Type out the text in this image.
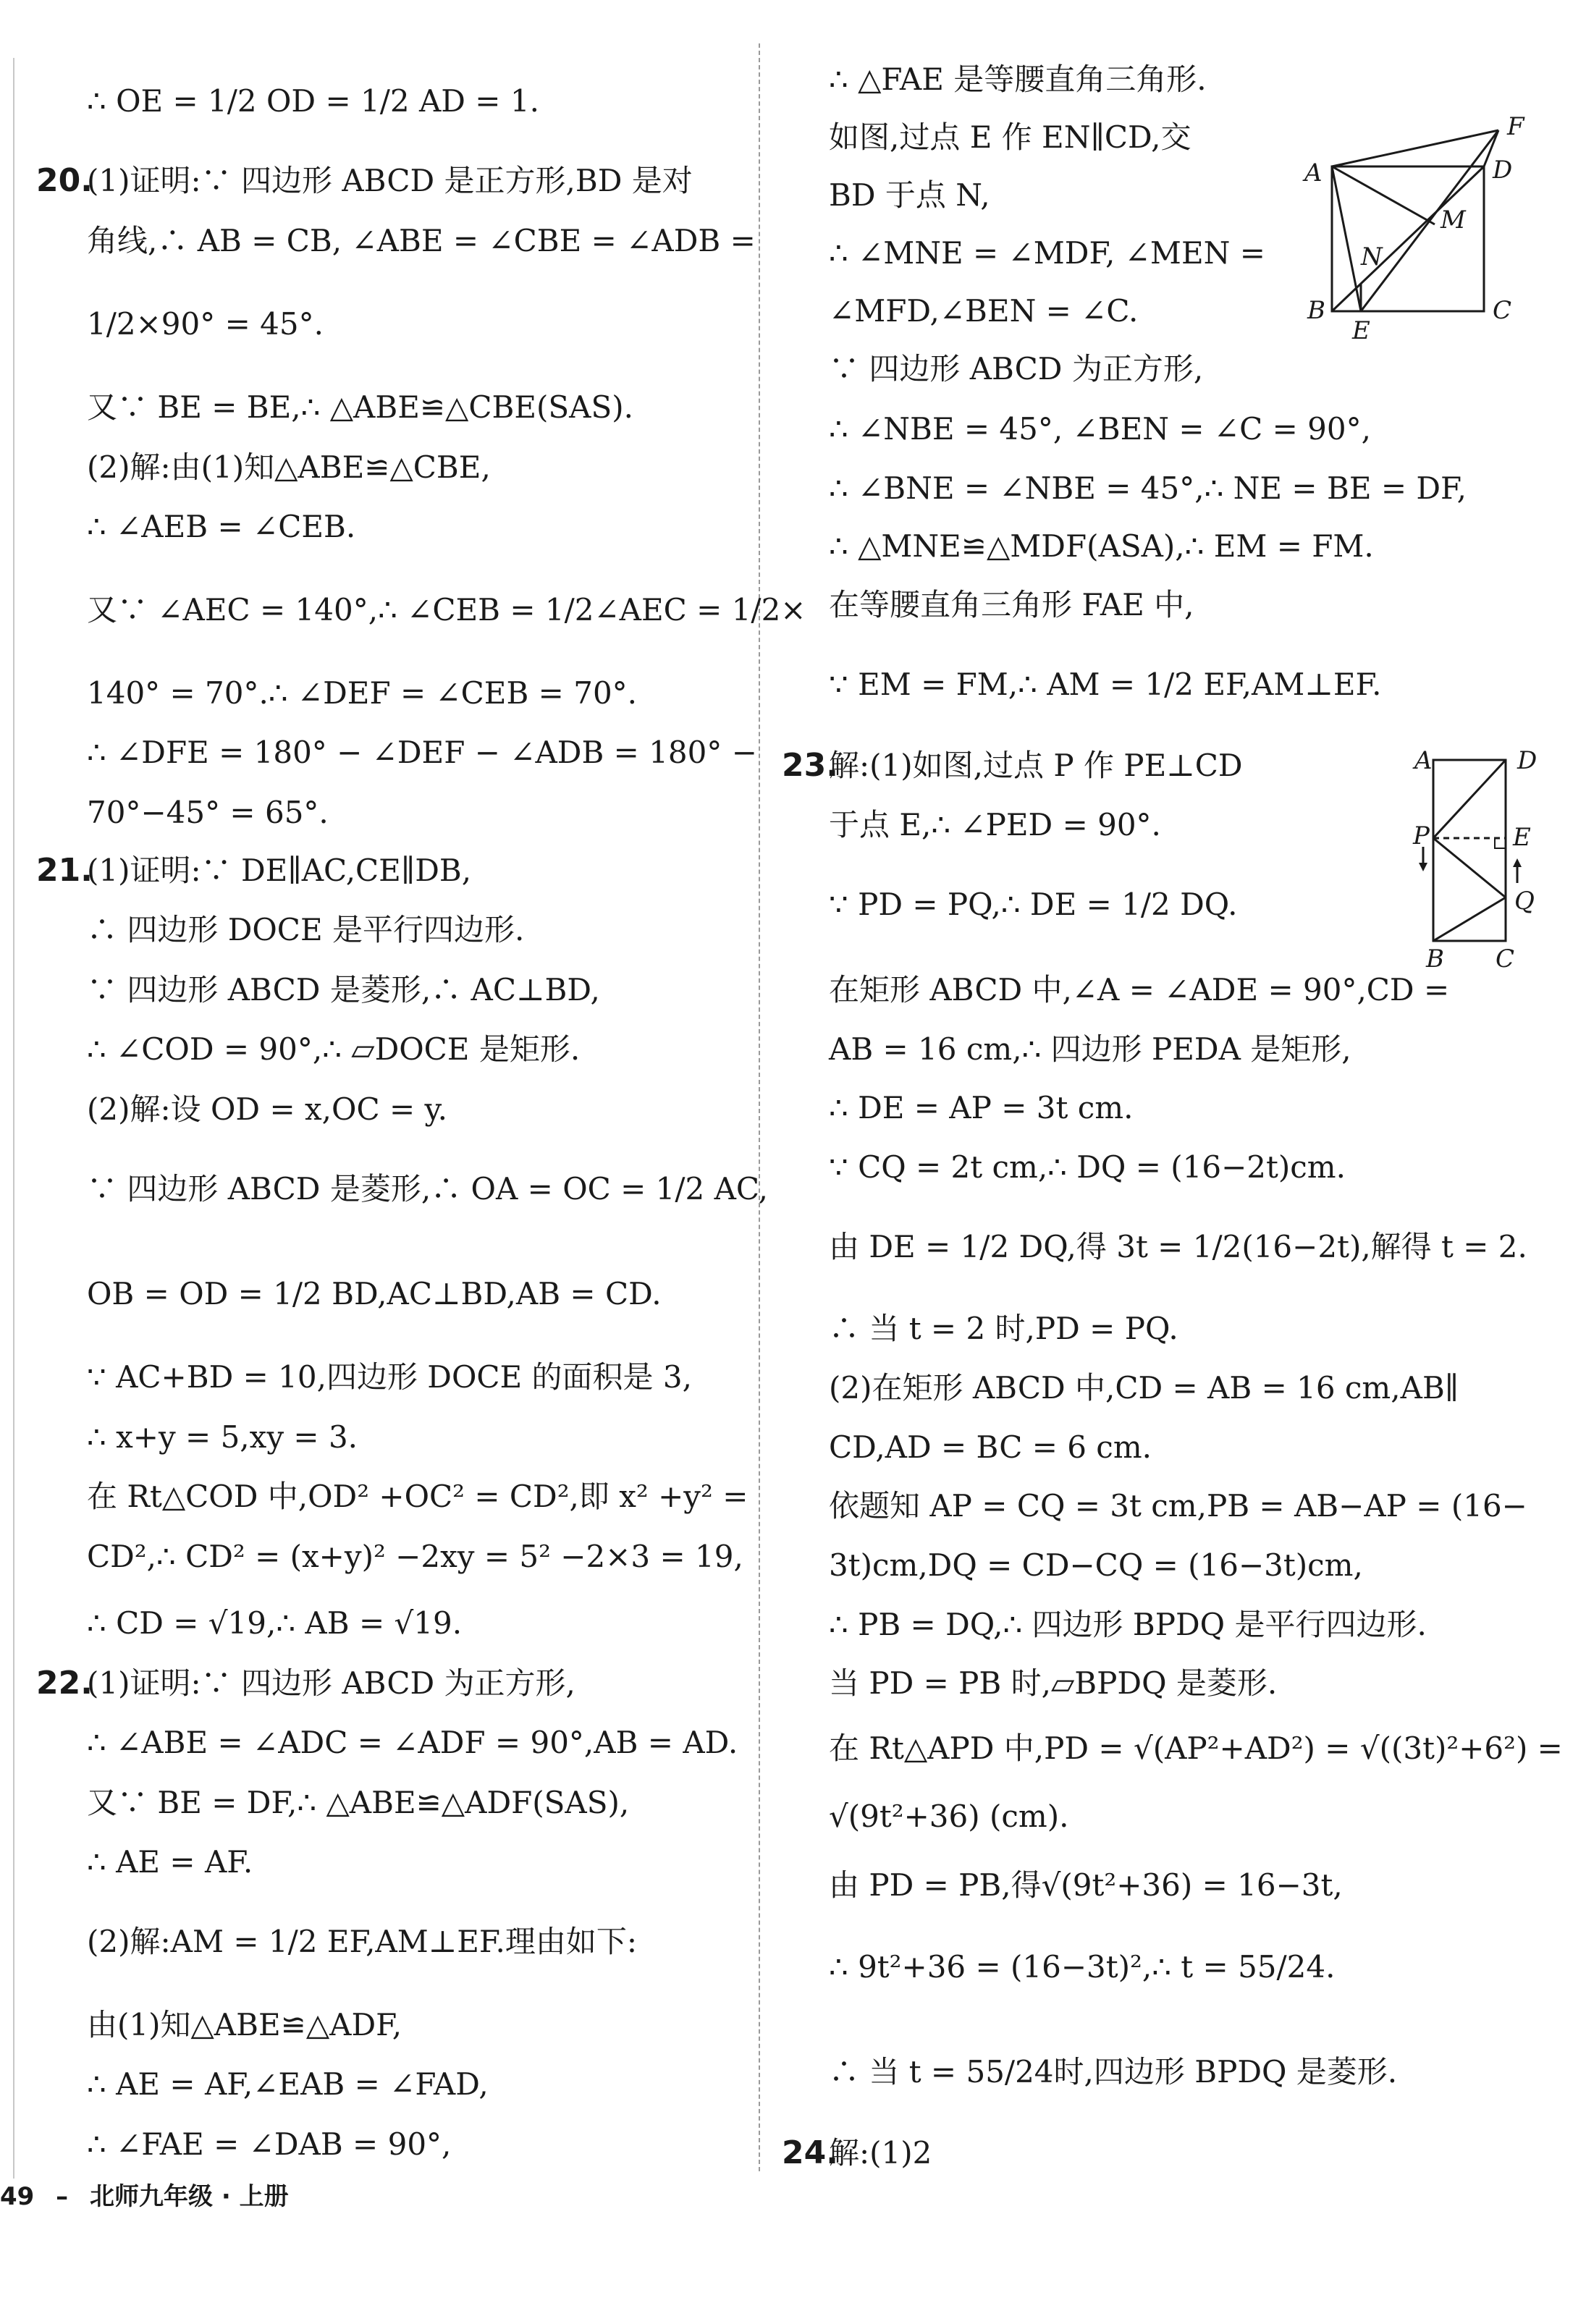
∴ OE = 1/2 OD = 1/2 AD = 1.
20.
(1)证明:∵ 四边形 ABCD 是正方形,BD 是对
角线,∴ AB = CB, ∠ABE = ∠CBE = ∠ADB =
1/2×90° = 45°.
又∵ BE = BE,∴ △ABE≌△CBE(SAS).
(2)解:由(1)知△ABE≌△CBE,
∴ ∠AEB = ∠CEB.
又∵ ∠AEC = 140°,∴ ∠CEB = 1/2∠AEC = 1/2×
140° = 70°.∴ ∠DEF = ∠CEB = 70°.
∴ ∠DFE = 180° − ∠DEF − ∠ADB = 180° −
70°−45° = 65°.
21.
(1)证明:∵ DE∥AC,CE∥DB,
∴ 四边形 DOCE 是平行四边形.
∵ 四边形 ABCD 是菱形,∴ AC⊥BD,
∴ ∠COD = 90°,∴ ▱DOCE 是矩形.
(2)解:设 OD = x,OC = y.
∵ 四边形 ABCD 是菱形,∴ OA = OC = 1/2 AC,
OB = OD = 1/2 BD,AC⊥BD,AB = CD.
∵ AC+BD = 10,四边形 DOCE 的面积是 3,
∴ x+y = 5,xy = 3.
在 Rt△COD 中,OD² +OC² = CD²,即 x² +y² =
CD²,∴ CD² = (x+y)² −2xy = 5² −2×3 = 19,
∴ CD = √19,∴ AB = √19.
22.
(1)证明:∵ 四边形 ABCD 为正方形,
∴ ∠ABE = ∠ADC = ∠ADF = 90°,AB = AD.
又∵ BE = DF,∴ △ABE≌△ADF(SAS),
∴ AE = AF.
(2)解:AM = 1/2 EF,AM⊥EF.理由如下:
由(1)知△ABE≌△ADF,
∴ AE = AF,∠EAB = ∠FAD,
∴ ∠FAE = ∠DAB = 90°,
∴ △FAE 是等腰直角三角形.
如图,过点 E 作 EN∥CD,交
BD 于点 N,
∴ ∠MNE = ∠MDF, ∠MEN =
∠MFD,∠BEN = ∠C.
∵ 四边形 ABCD 为正方形,
∴ ∠NBE = 45°, ∠BEN = ∠C = 90°,
∴ ∠BNE = ∠NBE = 45°,∴ NE = BE = DF,
∴ △MNE≌△MDF(ASA),∴ EM = FM.
在等腰直角三角形 FAE 中,
∵ EM = FM,∴ AM = 1/2 EF,AM⊥EF.
23.
解:(1)如图,过点 P 作 PE⊥CD
于点 E,∴ ∠PED = 90°.
∵ PD = PQ,∴ DE = 1/2 DQ.
在矩形 ABCD 中,∠A = ∠ADE = 90°,CD =
AB = 16 cm,∴ 四边形 PEDA 是矩形,
∴ DE = AP = 3t cm.
∵ CQ = 2t cm,∴ DQ = (16−2t)cm.
由 DE = 1/2 DQ,得 3t = 1/2(16−2t),解得 t = 2.
∴ 当 t = 2 时,PD = PQ.
(2)在矩形 ABCD 中,CD = AB = 16 cm,AB∥
CD,AD = BC = 6 cm.
依题知 AP = CQ = 3t cm,PB = AB−AP = (16−
3t)cm,DQ = CD−CQ = (16−3t)cm,
∴ PB = DQ,∴ 四边形 BPDQ 是平行四边形.
当 PD = PB 时,▱BPDQ 是菱形.
在 Rt△APD 中,PD = √(AP²+AD²) = √((3t)²+6²) =
√(9t²+36) (cm).
由 PD = PB,得√(9t²+36) = 16−3t,
∴ 9t²+36 = (16−3t)²,∴ t = 55/24.
∴ 当 t = 55/24时,四边形 BPDQ 是菱形.
24.
解:(1)2
A
F
D
M
N
B
E
C
A	D
P	E
Q
B C
49 – 北师九年级 · 上册
